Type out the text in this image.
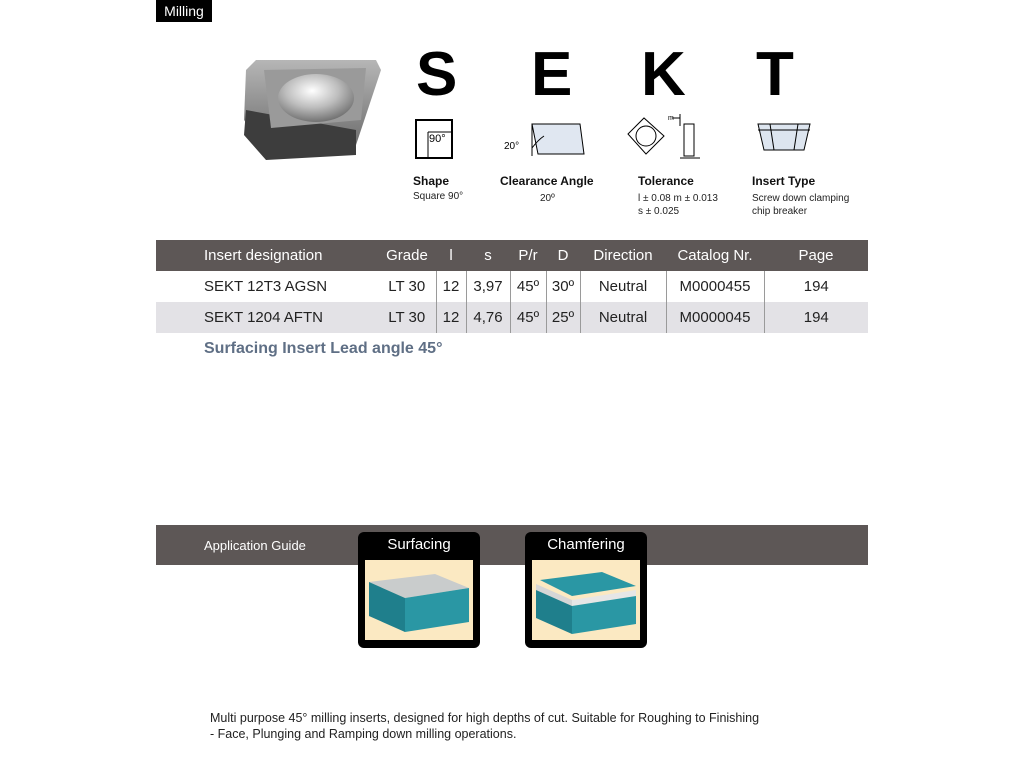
Milling
S E K T
90°
20°
m
Shape
Square 90°
Clearance Angle
20º
Tolerance
l ± 0.08 m ± 0.013
s ± 0.025
Insert Type
Screw down clamping
chip breaker
Insert designation	Grade	l	s	P/r	D	Direction	Catalog Nr.	Page
SEKT 12T3 AGSN	LT 30	12	3,97	45º	30º	Neutral	M0000455	194
SEKT 1204 AFTN	LT 30	12	4,76	45º	25º	Neutral	M0000045	194
Surfacing Insert Lead angle 45°
Application Guide	Surfacing	Chamfering
Multi purpose 45° milling inserts, designed for high depths of cut. Suitable for Roughing to Finishing
- Face, Plunging and Ramping down milling operations.
